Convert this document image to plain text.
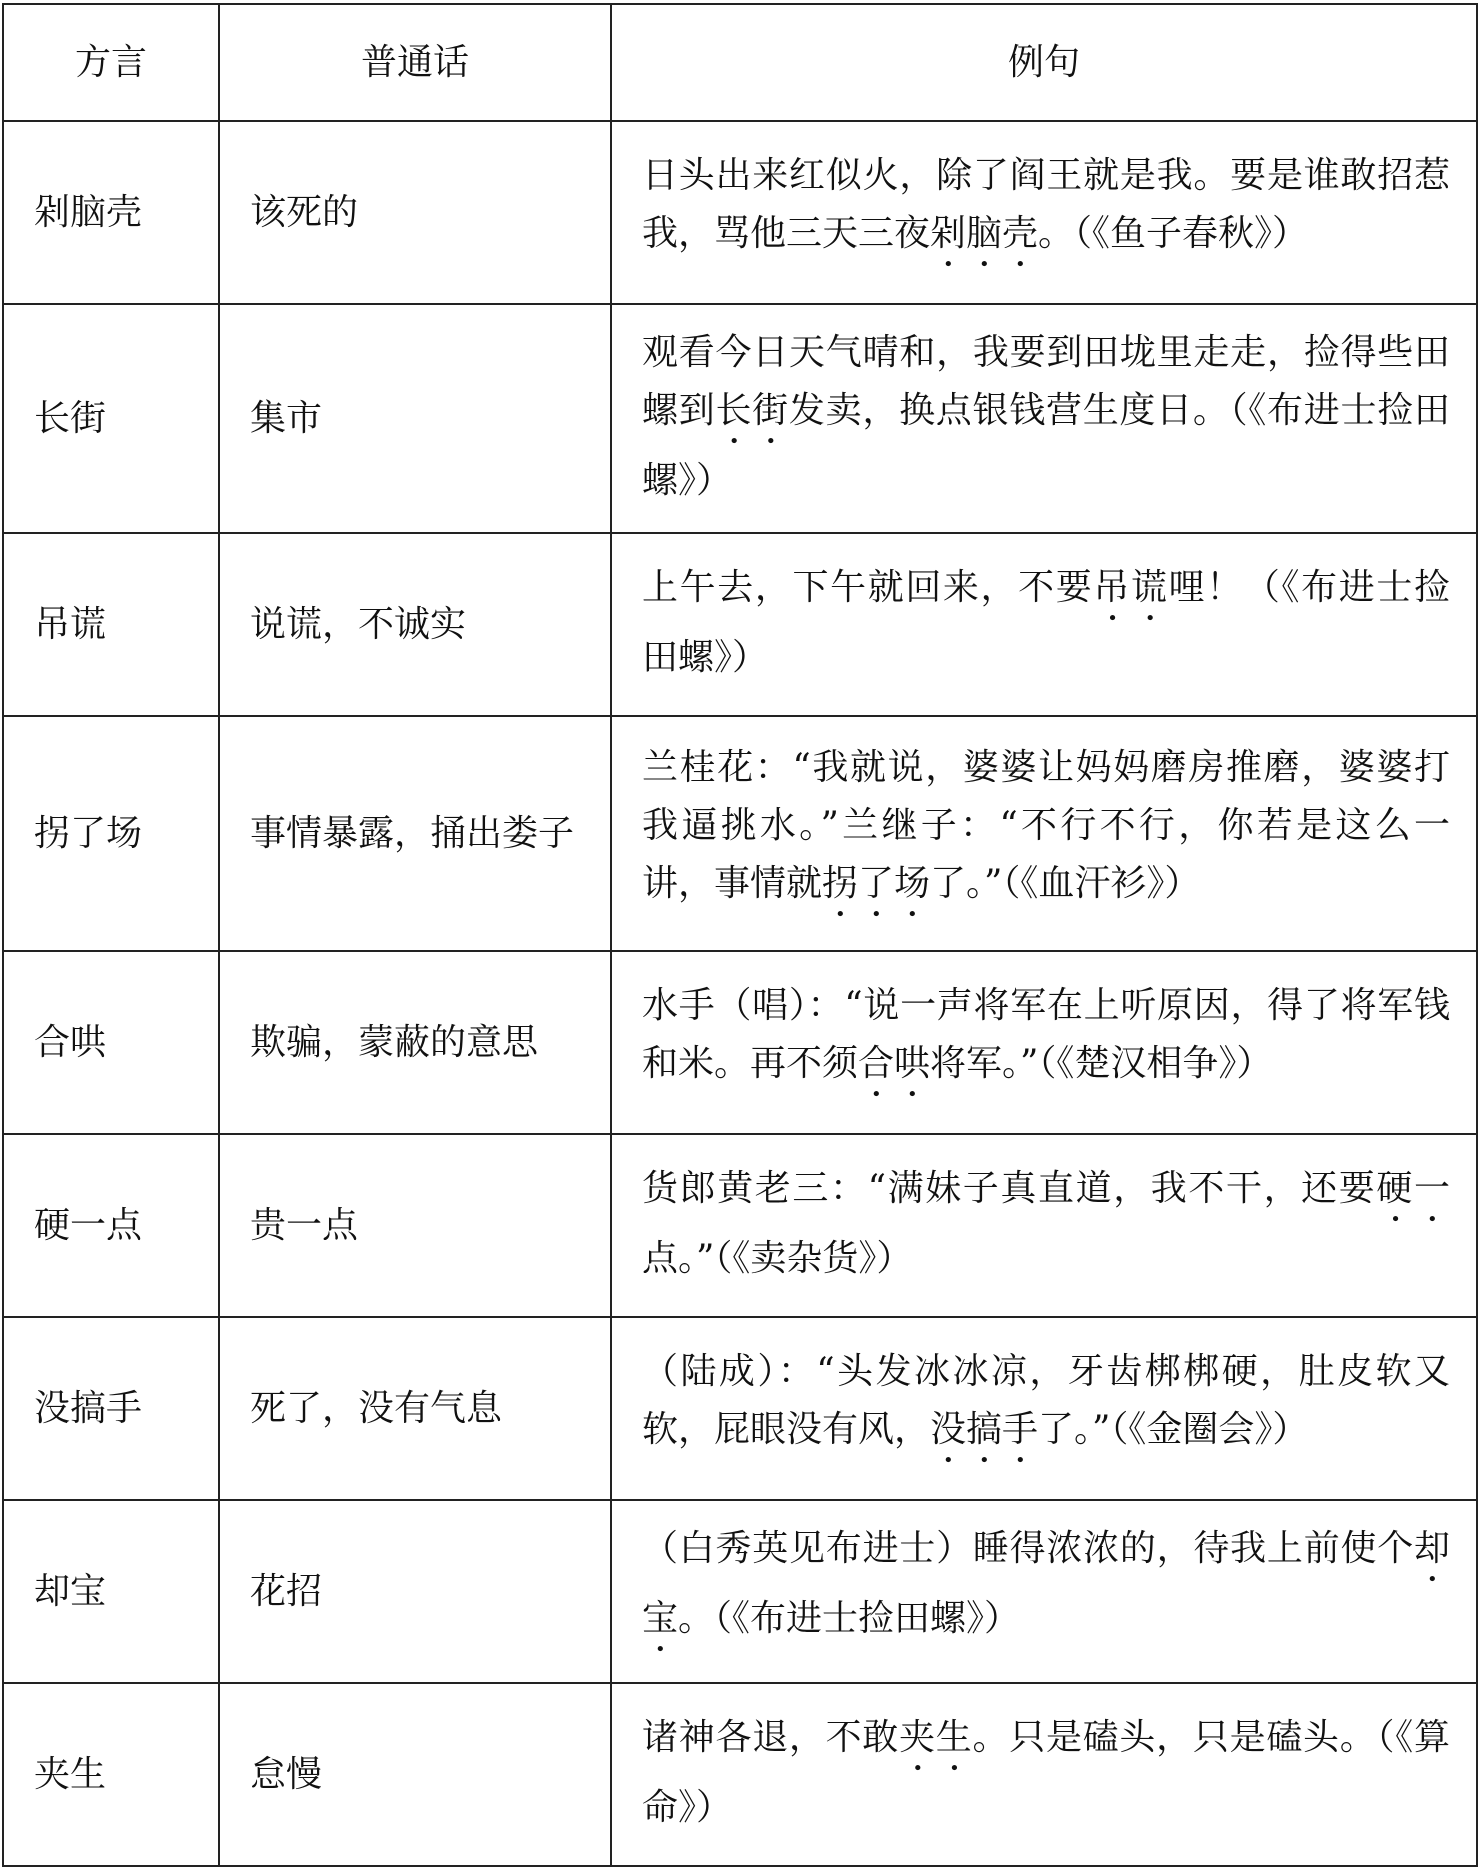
方言	普通话	例句
剁脑壳	该死的	日头出来红似火，除了阎王就是我。要是谁敢招惹我，骂他三天三夜剁脑壳。（《鱼子春秋》）
长街	集市	观看今日天气晴和，我要到田垅里走走，捡得些田螺到长街发卖，换点银钱营生度日。（《布进士捡田螺》）
吊谎	说谎，不诚实	上午去，下午就回来，不要吊谎哩！（《布进士捡田螺》）
拐了场	事情暴露，捅出娄子	兰桂花：“我就说，婆婆让妈妈磨房推磨，婆婆打我逼挑水。”兰继子：“不行不行，你若是这么一讲，事情就拐了场了。”（《血汗衫》）
合哄	欺骗，蒙蔽的意思	水手（唱）：“说一声将军在上听原因，得了将军钱和米。再不须合哄将军。”（《楚汉相争》）
硬一点	贵一点	货郎黄老三：“满妹子真直道，我不干，还要硬一点。”（《卖杂货》）
没搞手	死了，没有气息	（陆成）：“头发冰冰凉，牙齿梆梆硬，肚皮软又软，屁眼没有风，没搞手了。”（《金圈会》）
却宝	花招	（白秀英见布进士）睡得浓浓的，待我上前使个却宝。（《布进士捡田螺》）
夹生	怠慢	诸神各退，不敢夹生。只是磕头，只是磕头。（《算命》）
